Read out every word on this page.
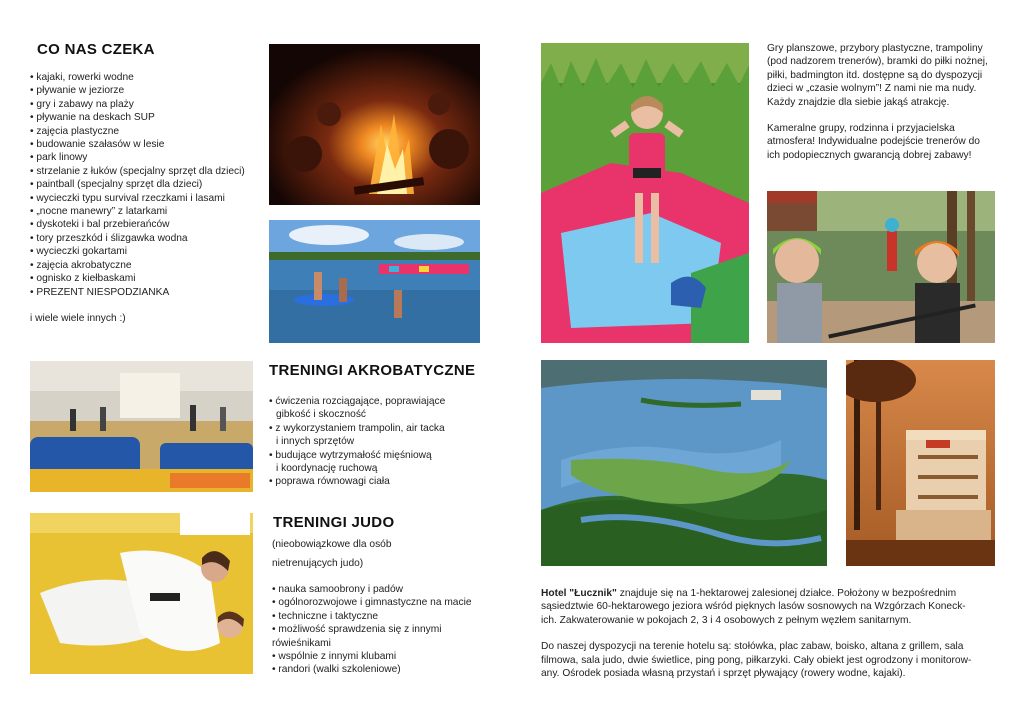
CO NAS CZEKA
• kajaki, rowerki wodne
• pływanie w jeziorze
• gry i zabawy na plaży
• pływanie na deskach SUP
• zajęcia plastyczne
• budowanie szałasów w lesie
• park linowy
• strzelanie z łuków (specjalny sprzęt dla dzieci)
• paintball (specjalny sprzęt dla dzieci)
• wycieczki typu survival rzeczkami i lasami
• „nocne manewry” z latarkami
• dyskoteki i bal przebierańców
• tory przeszkód i ślizgawka wodna
• wycieczki gokartami
• zajęcia akrobatyczne
• ognisko z kiełbaskami
• PREZENT NIESPODZIANKA
i wiele wiele innych :)
TRENINGI AKROBATYCZNE
• ćwiczenia rozciągające, poprawiające
gibkość i skoczność
• z wykorzystaniem trampolin, air tacka
i innych sprzętów
• budujące wytrzymałość mięśniową
i koordynację ruchową
• poprawa równowagi ciała
TRENINGI JUDO
(nieobowiązkowe dla osób
nietrenujących judo)
• nauka samoobrony i padów
• ogólnorozwojowe i gimnastyczne na macie
• techniczne i taktyczne
• możliwość sprawdzenia się z innymi
rówieśnikami
• wspólnie z innymi klubami
• randori (walki szkoleniowe)
Gry planszowe, przybory plastyczne, trampoliny
(pod nadzorem trenerów), bramki do piłki nożnej,
piłki, badmington itd. dostępne są do dyspozycji
dzieci w „czasie wolnym”! Z nami nie ma nudy.
Każdy znajdzie dla siebie jakąś atrakcję.
Kameralne grupy, rodzinna i przyjacielska
atmosfera! Indywidualne podejście trenerów do
ich podopiecznych gwarancją dobrej zabawy!
Hotel "Łucznik" znajduje się na 1-hektarowej zalesionej działce. Położony w bezpośrednim
sąsiedztwie 60-hektarowego jeziora wśród pięknych lasów sosnowych na Wzgórzach Koneck-
ich. Zakwaterowanie w pokojach 2, 3 i 4 osobowych z pełnym węzłem sanitarnym.
Do naszej dyspozycji na terenie hotelu są: stołówka, plac zabaw, boisko, altana z grillem, sala
filmowa, sala judo, dwie świetlice, ping pong, piłkarzyki. Cały obiekt jest ogrodzony i monitorow-
any. Ośrodek posiada własną przystań i sprzęt pływający (rowery wodne, kajaki).
